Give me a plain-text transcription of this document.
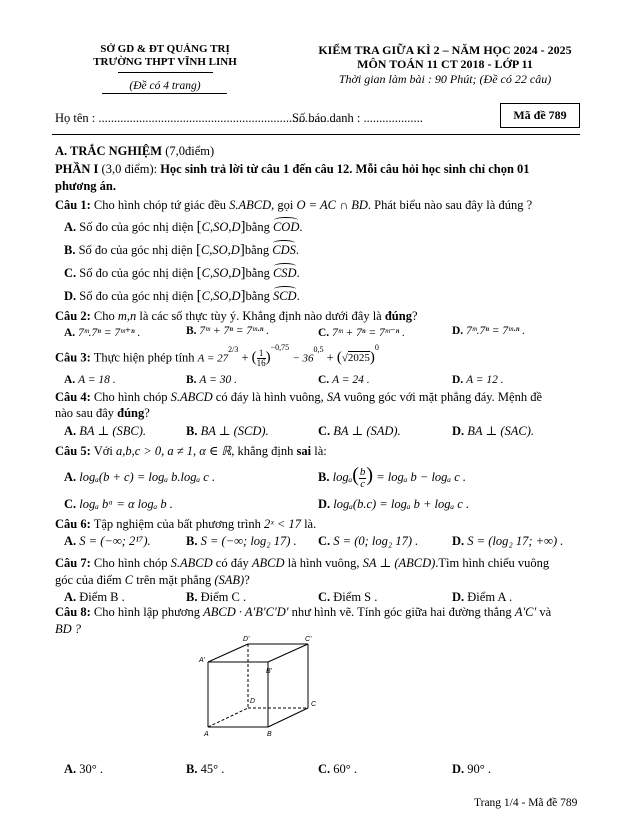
SỞ GD & ĐT QUẢNG TRỊ
TRƯỜNG THPT VĨNH LINH
(Đề có 4 trang)
KIỂM TRA GIỮA KÌ 2 – NĂM HỌC 2024 - 2025
MÔN TOÁN 11 CT 2018 - LỚP 11
Thời gian làm bài : 90 Phút; (Đề có 22 câu)
Họ tên : ..........................................................................
Số báo danh : ...................	Mã đề 789
A. TRẮC NGHIỆM (7,0điểm)
PHẦN I (3,0 điểm): Học sinh trả lời từ câu 1 đến câu 12. Mỗi câu hỏi học sinh chỉ chọn 01
phương án.
Câu 1: Cho hình chóp tứ giác đều S.ABCD, gọi O = AC ∩ BD. Phát biểu nào sau đây là đúng ?
A. Số đo của góc nhị diện [C,SO,D]bằng COD.
B. Số đo của góc nhị diện [C,SO,D]bằng CDS.
C. Số đo của góc nhị diện [C,SO,D]bằng CSD.
D. Số đo của góc nhị diện [C,SO,D]bằng SCD.
Câu 2: Cho m,n là các số thực tùy ý. Khẳng định nào dưới đây là đúng?
A. 7ᵐ.7ⁿ = 7ᵐ⁺ⁿ .	B. 7ᵐ + 7ⁿ = 7ᵐ·ⁿ .	C. 7ᵐ + 7ⁿ = 7ᵐ⁻ⁿ .	D. 7ᵐ.7ⁿ = 7ᵐ·ⁿ .
Câu 3: Thực hiện phép tính $A = 27^{2/3}$ + ( $\frac{1}{16} )^{-0,75} - 36^{0,5} + (√2025)^0$
A. A = 18 .	B. A = 30 .	C. A = 24 .	D. A = 12 .
Câu 4: Cho hình chóp S.ABCD có đáy là hình vuông, SA vuông góc với mặt phẳng đáy. Mệnh đề
nào sau đây đúng?
A. BA ⊥ (SBC).	B. BA ⊥ (SCD).	C. BA ⊥ (SAD).	D. BA ⊥ (SAC).
Câu 5: Với a,b,c > 0, a ≠ 1, α ∈ ℝ, khẳng định sai là:
A. logₐ(b + c) = logₐ b.logₐ c .	B. $\log_a( \frac{b}{c}$ ) = logₐ b − logₐ c .
C. logₐ bᵅ = α logₐ b .	D. logₐ(b.c) = logₐ b + logₐ c .
Câu 6: Tập nghiệm của bất phương trình 2ˣ < 17 là.
A. S = (−∞; 2¹⁷).	B. S = (−∞; log₂ 17) . C. S = (0; log₂ 17) .	D. S = (log₂ 17; +∞) .
Câu 7: Cho hình chóp S.ABCD có đáy ABCD là hình vuông, SA ⊥ (ABCD).Tìm hình chiếu vuông
góc của điểm C trên mặt phẳng (SAB)?
A. Điểm B .	B. Điểm C .	C. Điểm S .	D. Điểm A .
Câu 8: Cho hình lập phương ABCD · A′B′C′D′ như hình vẽ. Tính góc giữa hai đường thẳng A′C′ và
BD ?
D'	C'
A'
B'
D	C
A	B
A. 30° .	B. 45° .	C. 60° .	D. 90° .
Trang 1/4 - Mã đề 789
